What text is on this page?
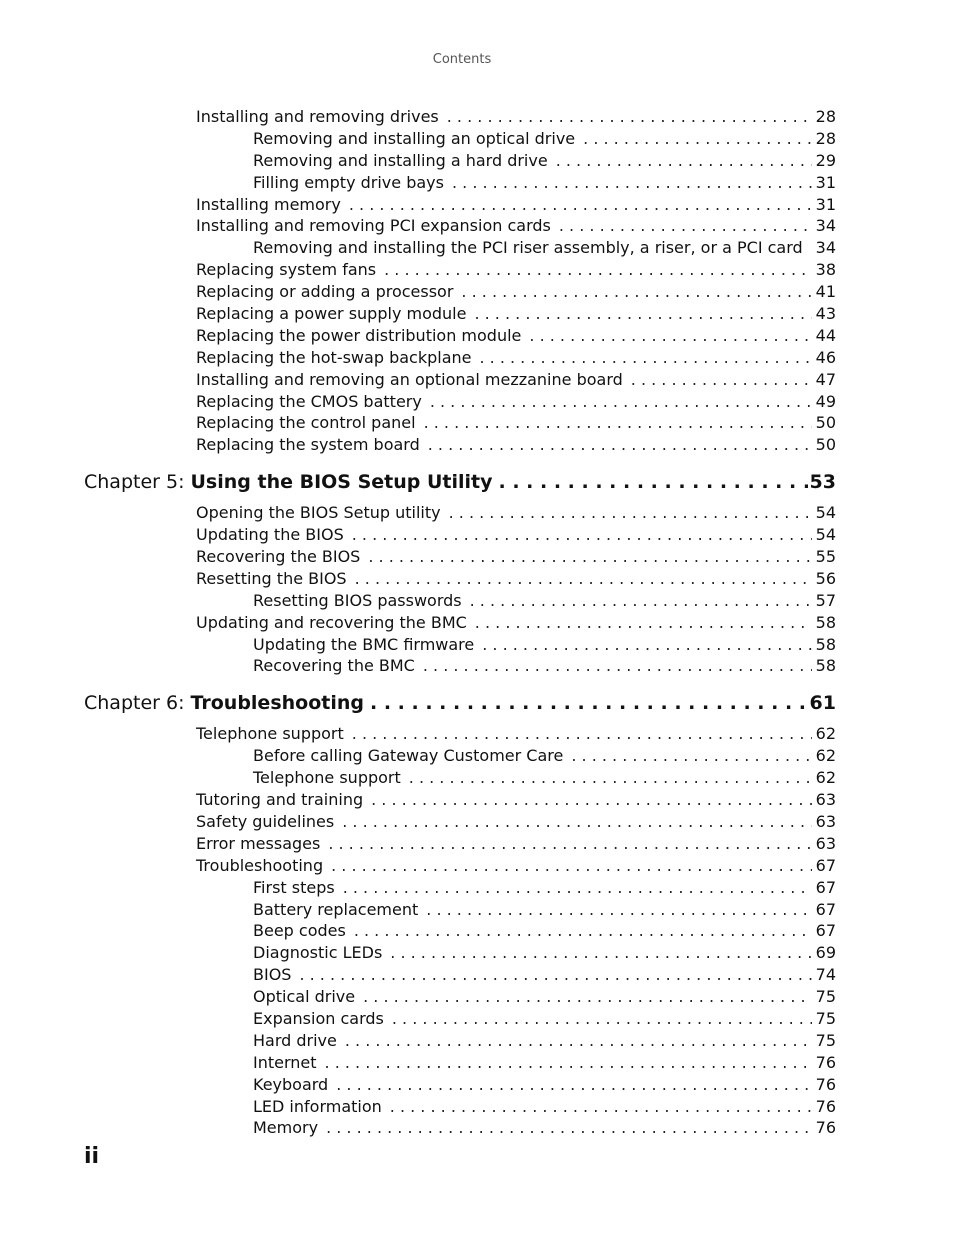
Contents
Installing and removing drives . . .	28
Removing and installing an optical drive . . .	28
Removing and installing a hard drive . . .	29
Filling empty drive bays . . .	31
Installing memory . . .	31
Installing and removing PCI expansion cards . . .	34
Removing and installing the PCI riser assembly, a riser, or a PCI card . . . 34
Replacing system fans . . .	38
Replacing or adding a processor . . .	41
Replacing a power supply module . . .	43
Replacing the power distribution module . . .	44
Replacing the hot-swap backplane . . .	46
Installing and removing an optional mezzanine board . . .	47
Replacing the CMOS battery . . .	49
Replacing the control panel . . .	50
Replacing the system board . . .	50
Chapter 5: Using the BIOS Setup Utility . . .	53
Opening the BIOS Setup utility . . .	54
Updating the BIOS . . .	54
Recovering the BIOS . . .	55
Resetting the BIOS . . .	56
Resetting BIOS passwords . . .	57
Updating and recovering the BMC . . .	58
Updating the BMC firmware . . .	58
Recovering the BMC . . .	58
Chapter 6: Troubleshooting . . .	61
Telephone support . . .	62
Before calling Gateway Customer Care . . .	62
Telephone support . . .	62
Tutoring and training . . .	63
Safety guidelines . . .	63
Error messages . . .	63
Troubleshooting . . .	67
First steps . . .	67
Battery replacement . . .	67
Beep codes . . .	67
Diagnostic LEDs . . .	69
BIOS . . .	74
Optical drive . . .	75
Expansion cards . . .	75
Hard drive . . .	75
Internet . . .	76
Keyboard . . .	76
LED information . . .	76
Memory . . .	76
ii
